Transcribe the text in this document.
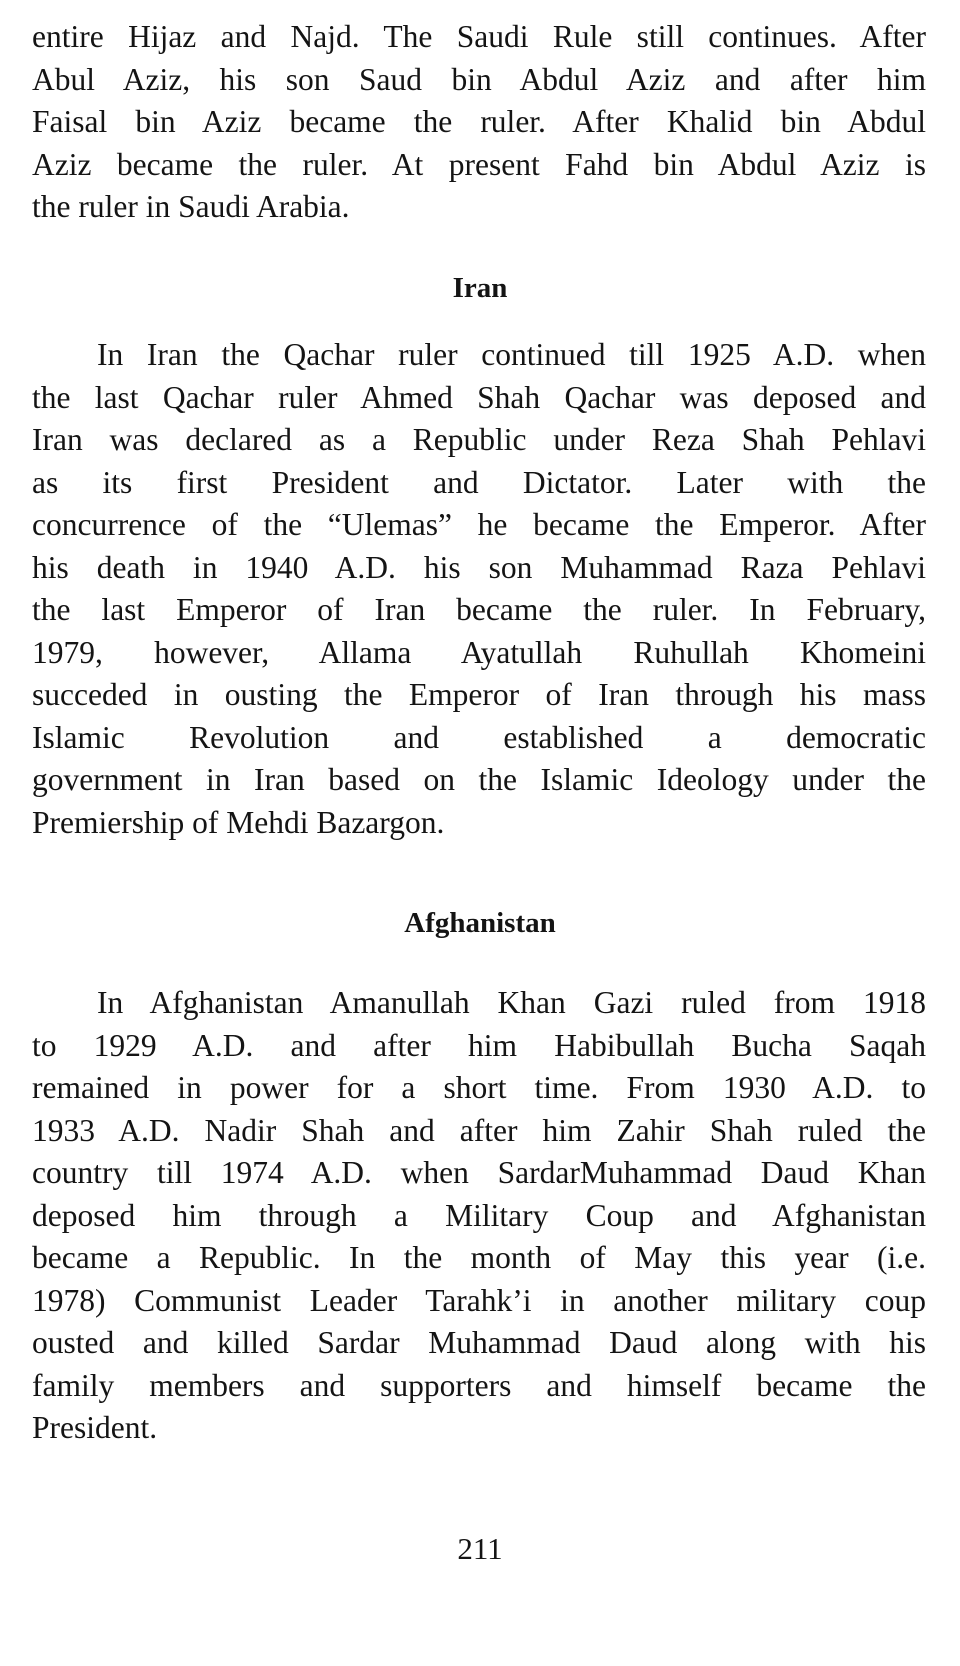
entire Hijaz and Najd. The Saudi Rule still continues. After
Abul Aziz, his son Saud bin Abdul Aziz and after him
Faisal bin Aziz became the ruler. After Khalid bin Abdul
Aziz became the ruler. At present Fahd bin Abdul Aziz is
the ruler in Saudi Arabia.
Iran
In Iran the Qachar ruler continued till 1925 A.D. when
the last Qachar ruler Ahmed Shah Qachar was deposed and
Iran was declared as a Republic under Reza Shah Pehlavi
as its first President and Dictator. Later with the
concurrence of the “Ulemas” he became the Emperor. After
his death in 1940 A.D. his son Muhammad Raza Pehlavi
the last Emperor of Iran became the ruler. In February,
1979, however, Allama Ayatullah Ruhullah Khomeini
succeded in ousting the Emperor of Iran through his mass
Islamic Revolution and established a democratic
government in Iran based on the Islamic Ideology under the
Premiership of Mehdi Bazargon.
Afghanistan
In Afghanistan Amanullah Khan Gazi ruled from 1918
to 1929 A.D. and after him Habibullah Bucha Saqah
remained in power for a short time. From 1930 A.D. to
1933 A.D. Nadir Shah and after him Zahir Shah ruled the
country till 1974 A.D. when SardarMuhammad Daud Khan
deposed him through a Military Coup and Afghanistan
became a Republic. In the month of May this year (i.e.
1978) Communist Leader Tarahk’i in another military coup
ousted and killed Sardar Muhammad Daud along with his
family members and supporters and himself became the
President.
211
